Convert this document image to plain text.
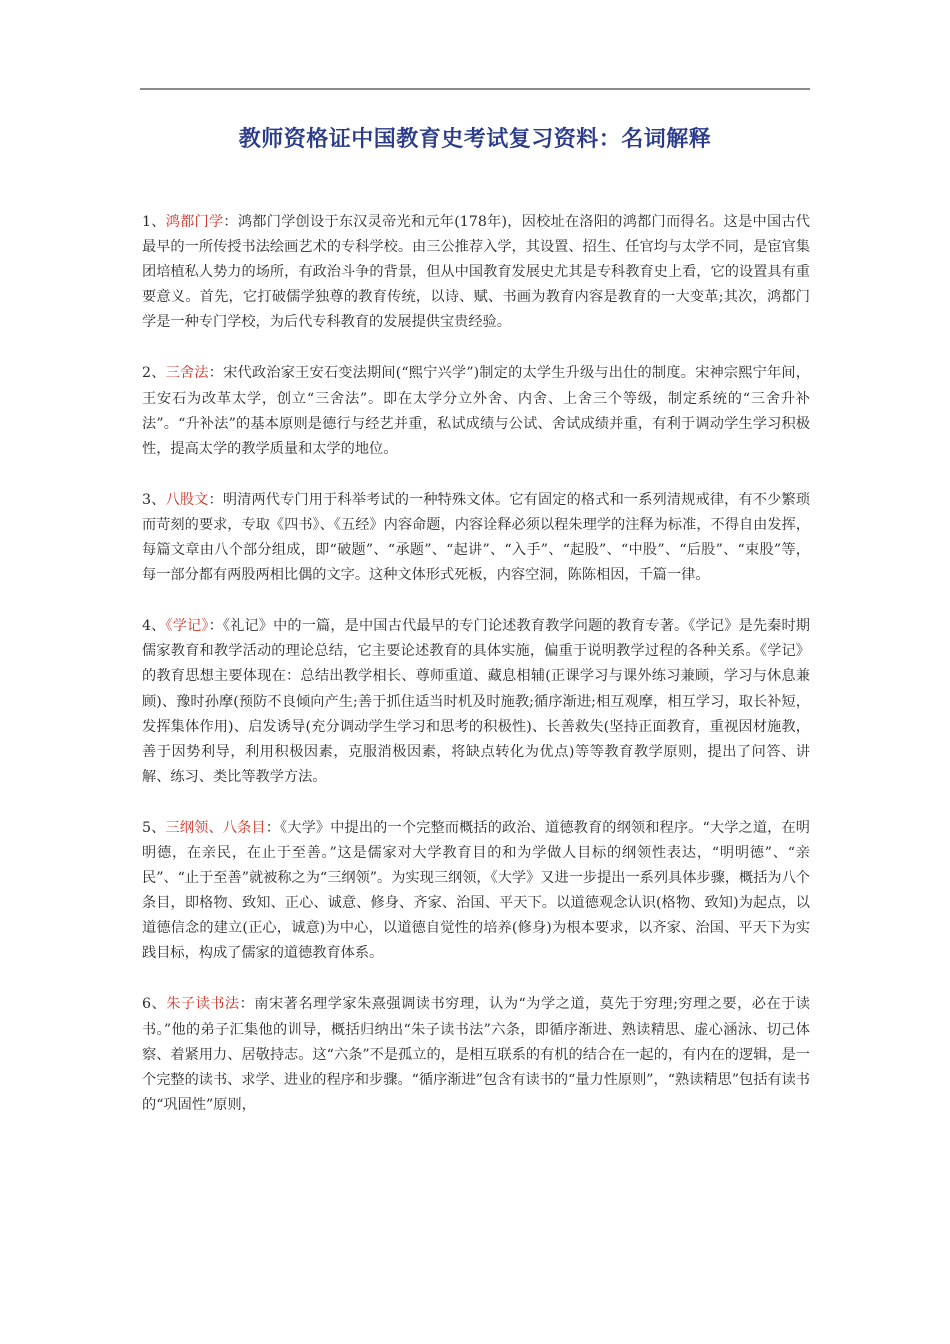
教师资格证中国教育史考试复习资料：名词解释

1、鸿都门学：鸿都门学创设于东汉灵帝光和元年(178年)，因校址在洛阳的鸿都门而得名。这是中国古代最早的一所传授书法绘画艺术的专科学校。由三公推荐入学，其设置、招生、任官均与太学不同，是宦官集团培植私人势力的场所，有政治斗争的背景，但从中国教育发展史尤其是专科教育史上看，它的设置具有重要意义。首先，它打破儒学独尊的教育传统，以诗、赋、书画为教育内容是教育的一大变革;其次，鸿都门学是一种专门学校，为后代专科教育的发展提供宝贵经验。

2、三舍法：宋代政治家王安石变法期间(“熙宁兴学”)制定的太学生升级与出仕的制度。宋神宗熙宁年间，王安石为改革太学，创立“三舍法”。即在太学分立外舍、内舍、上舍三个等级，制定系统的“三舍升补法”。“升补法”的基本原则是德行与经艺并重，私试成绩与公试、舍试成绩并重，有利于调动学生学习积极性，提高太学的教学质量和太学的地位。

3、八股文：明清两代专门用于科举考试的一种特殊文体。它有固定的格式和一系列清规戒律，有不少繁琐而苛刻的要求，专取《四书》、《五经》内容命题，内容诠释必须以程朱理学的注释为标准，不得自由发挥，每篇文章由八个部分组成，即“破题”、“承题”、“起讲”、“入手”、“起股”、“中股”、“后股”、“束股”等，每一部分都有两股两相比偶的文字。这种文体形式死板，内容空洞，陈陈相因，千篇一律。

4、《学记》：《礼记》中的一篇，是中国古代最早的专门论述教育教学问题的教育专著。《学记》是先秦时期儒家教育和教学活动的理论总结，它主要论述教育的具体实施，偏重于说明教学过程的各种关系。《学记》的教育思想主要体现在：总结出教学相长、尊师重道、藏息相辅(正课学习与课外练习兼顾，学习与休息兼顾)、豫时孙摩(预防不良倾向产生;善于抓住适当时机及时施教;循序渐进;相互观摩，相互学习，取长补短，发挥集体作用)、启发诱导(充分调动学生学习和思考的积极性)、长善救失(坚持正面教育，重视因材施教，善于因势利导，利用积极因素，克服消极因素，将缺点转化为优点)等等教育教学原则，提出了问答、讲解、练习、类比等教学方法。

5、三纲领、八条目：《大学》中提出的一个完整而概括的政治、道德教育的纲领和程序。“大学之道，在明明德，在亲民，在止于至善。”这是儒家对大学教育目的和为学做人目标的纲领性表达，“明明德”、“亲民”、“止于至善”就被称之为“三纲领”。为实现三纲领，《大学》又进一步提出一系列具体步骤，概括为八个条目，即格物、致知、正心、诚意、修身、齐家、治国、平天下。以道德观念认识(格物、致知)为起点，以道德信念的建立(正心，诚意)为中心，以道德自觉性的培养(修身)为根本要求，以齐家、治国、平天下为实践目标，构成了儒家的道德教育体系。

6、朱子读书法：南宋著名理学家朱熹强调读书穷理，认为“为学之道，莫先于穷理;穷理之要，必在于读书。”他的弟子汇集他的训导，概括归纳出“朱子读书法”六条，即循序渐进、熟读精思、虚心涵泳、切己体察、着紧用力、居敬持志。这“六条”不是孤立的，是相互联系的有机的结合在一起的，有内在的逻辑，是一个完整的读书、求学、进业的程序和步骤。“循序渐进”包含有读书的“量力性原则”，“熟读精思”包括有读书的“巩固性”原则，
